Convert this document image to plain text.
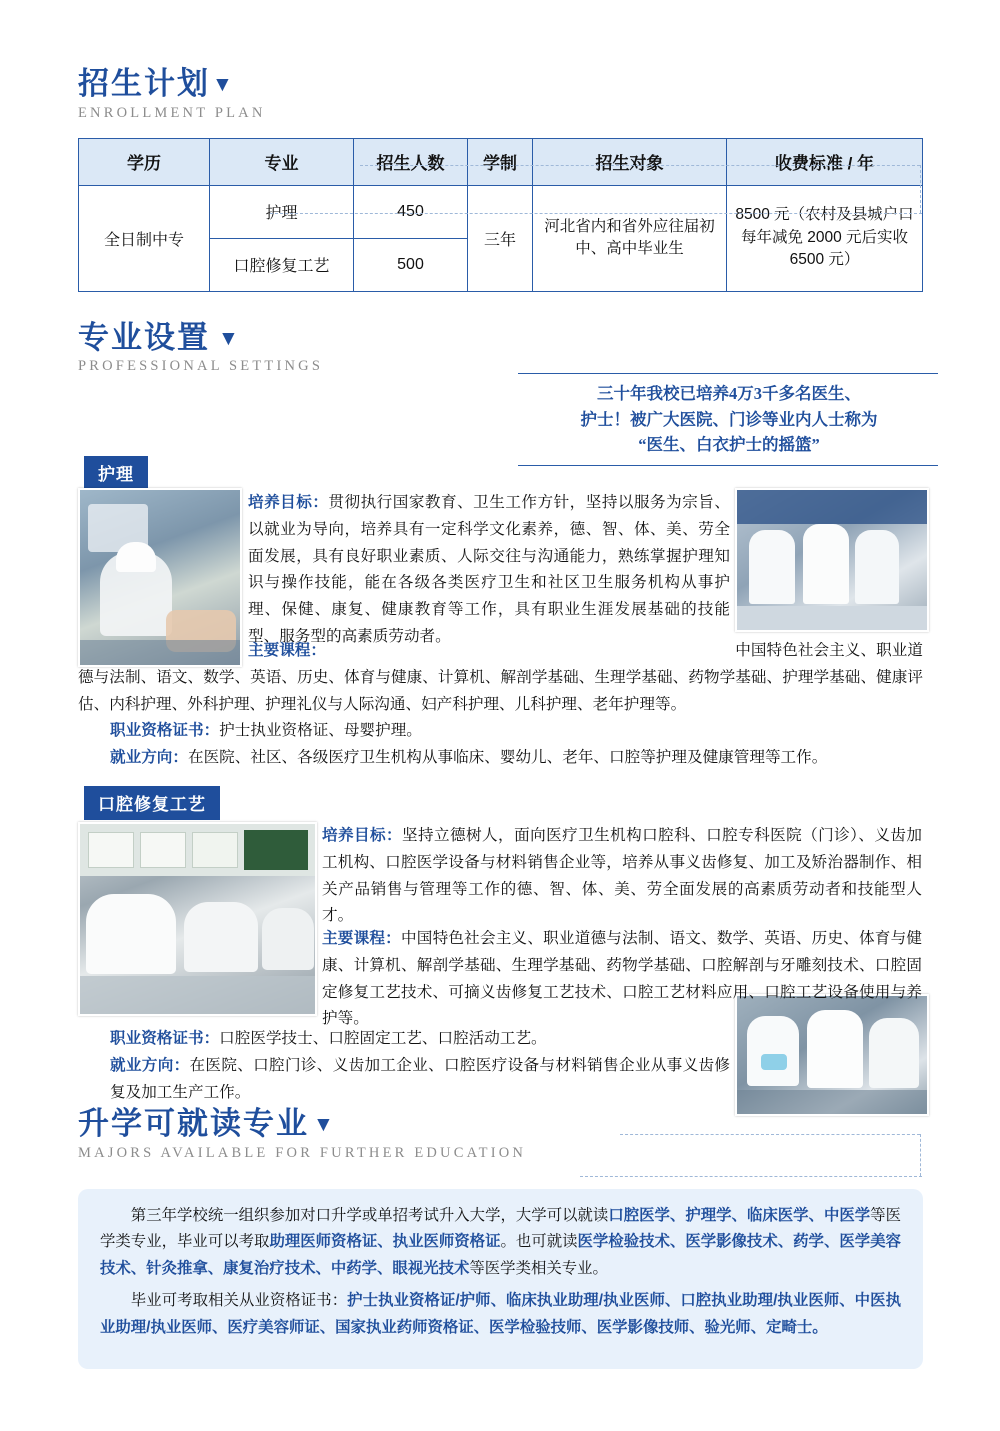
招生计划▼
ENROLLMENT PLAN
学历	专业	招生人数	学制	招生对象	收费标准 / 年
全日制中专	护理	450	三年	河北省内和省外应往届初中、高中毕业生	8500 元（农村及县城户口每年减免 2000 元后实收 6500 元）
	口腔修复工艺	500			
专业设置 ▼
PROFESSIONAL SETTINGS
三十年我校已培养4万3千多名医生、
护士！被广大医院、门诊等业内人士称为
“医生、白衣护士的摇篮”
护理
培养目标：贯彻执行国家教育、卫生工作方针，坚持以服务为宗旨、以就业为导向，培养具有一定科学文化素养，德、智、体、美、劳全面发展，具有良好职业素质、人际交往与沟通能力，熟练掌握护理知识与操作技能，能在各级各类医疗卫生和社区卫生服务机构从事护理、保健、康复、健康教育等工作，具有职业生涯发展基础的技能型、服务型的高素质劳动者。
主要课程：	中国特色社会主义、职业道德与法制、语文、数学、英语、历史、体育与健康、计算机、解剖学基础、生理学基础、药物学基础、护理学基础、健康评估、内科护理、外科护理、护理礼仪与人际沟通、妇产科护理、儿科护理、老年护理等。
职业资格证书：护士执业资格证、母婴护理。
就业方向：在医院、社区、各级医疗卫生机构从事临床、婴幼儿、老年、口腔等护理及健康管理等工作。
口腔修复工艺
培养目标：坚持立德树人，面向医疗卫生机构口腔科、口腔专科医院（门诊）、义齿加工机构、口腔医学设备与材料销售企业等，培养从事义齿修复、加工及矫治器制作、相关产品销售与管理等工作的德、智、体、美、劳全面发展的高素质劳动者和技能型人才。
主要课程：中国特色社会主义、职业道德与法制、语文、数学、英语、历史、体育与健康、计算机、解剖学基础、生理学基础、药物学基础、口腔解剖与牙雕刻技术、口腔固定修复工艺技术、可摘义齿修复工艺技术、口腔工艺材料应用、口腔工艺设备使用与养护等。
职业资格证书：口腔医学技士、口腔固定工艺、口腔活动工艺。
就业方向：在医院、口腔门诊、义齿加工企业、口腔医疗设备与材料销售企业从事义齿修复及加工生产工作。
升学可就读专业 ▼
MAJORS AVAILABLE FOR FURTHER EDUCATION

第三年学校统一组织参加对口升学或单招考试升入大学，大学可以就读口腔医学、护理学、临床医学、中医学等医学类专业，毕业可以考取助理医师资格证、执业医师资格证。也可就读医学检验技术、医学影像技术、药学、医学美容技术、针灸推拿、康复治疗技术、中药学、眼视光技术等医学类相关专业。

毕业可考取相关从业资格证书：护士执业资格证/护师、临床执业助理/执业医师、口腔执业助理/执业医师、中医执业助理/执业医师、医疗美容师证、国家执业药师资格证、医学检验技师、医学影像技师、验光师、定畸士。
